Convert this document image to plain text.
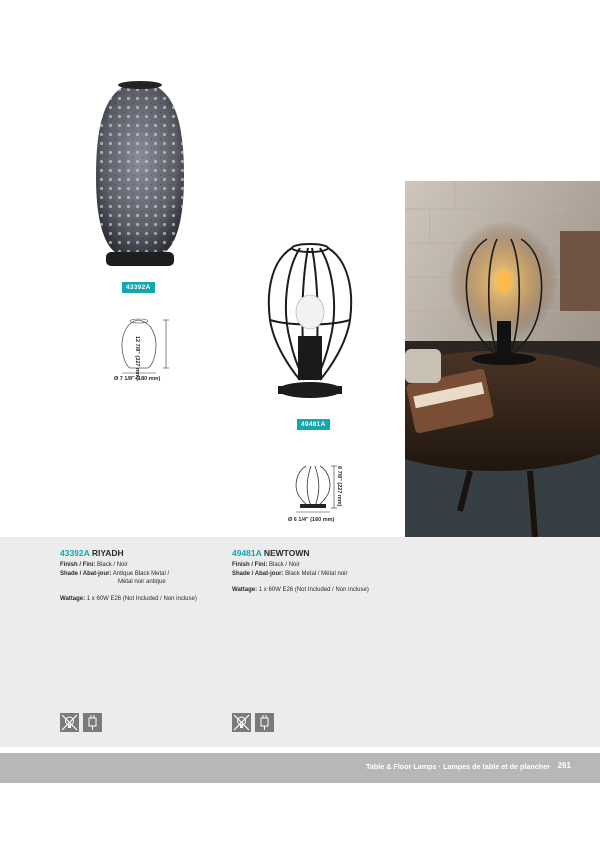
Table & Floor Lamps · Lampes de table et de plancher 261
43392A
12 7/8" (327 mm)
Ø 7 1/8" (180 mm)
49481A
8 7/8" (227 mm)
Ø 6 1/4" (160 mm)
43392A RIYADH
Finish / Fini: Black / Noir
Shade / Abat-jour: Antique Black Metal /
Métal noir antique
Wattage: 1 x 60W E26 (Not Included / Non incluse)
49481A NEWTOWN
Finish / Fini: Black / Noir
Shade / Abat-jour: Black Metal / Métal noir
Wattage: 1 x 60W E26 (Not Included / Non incluse)
